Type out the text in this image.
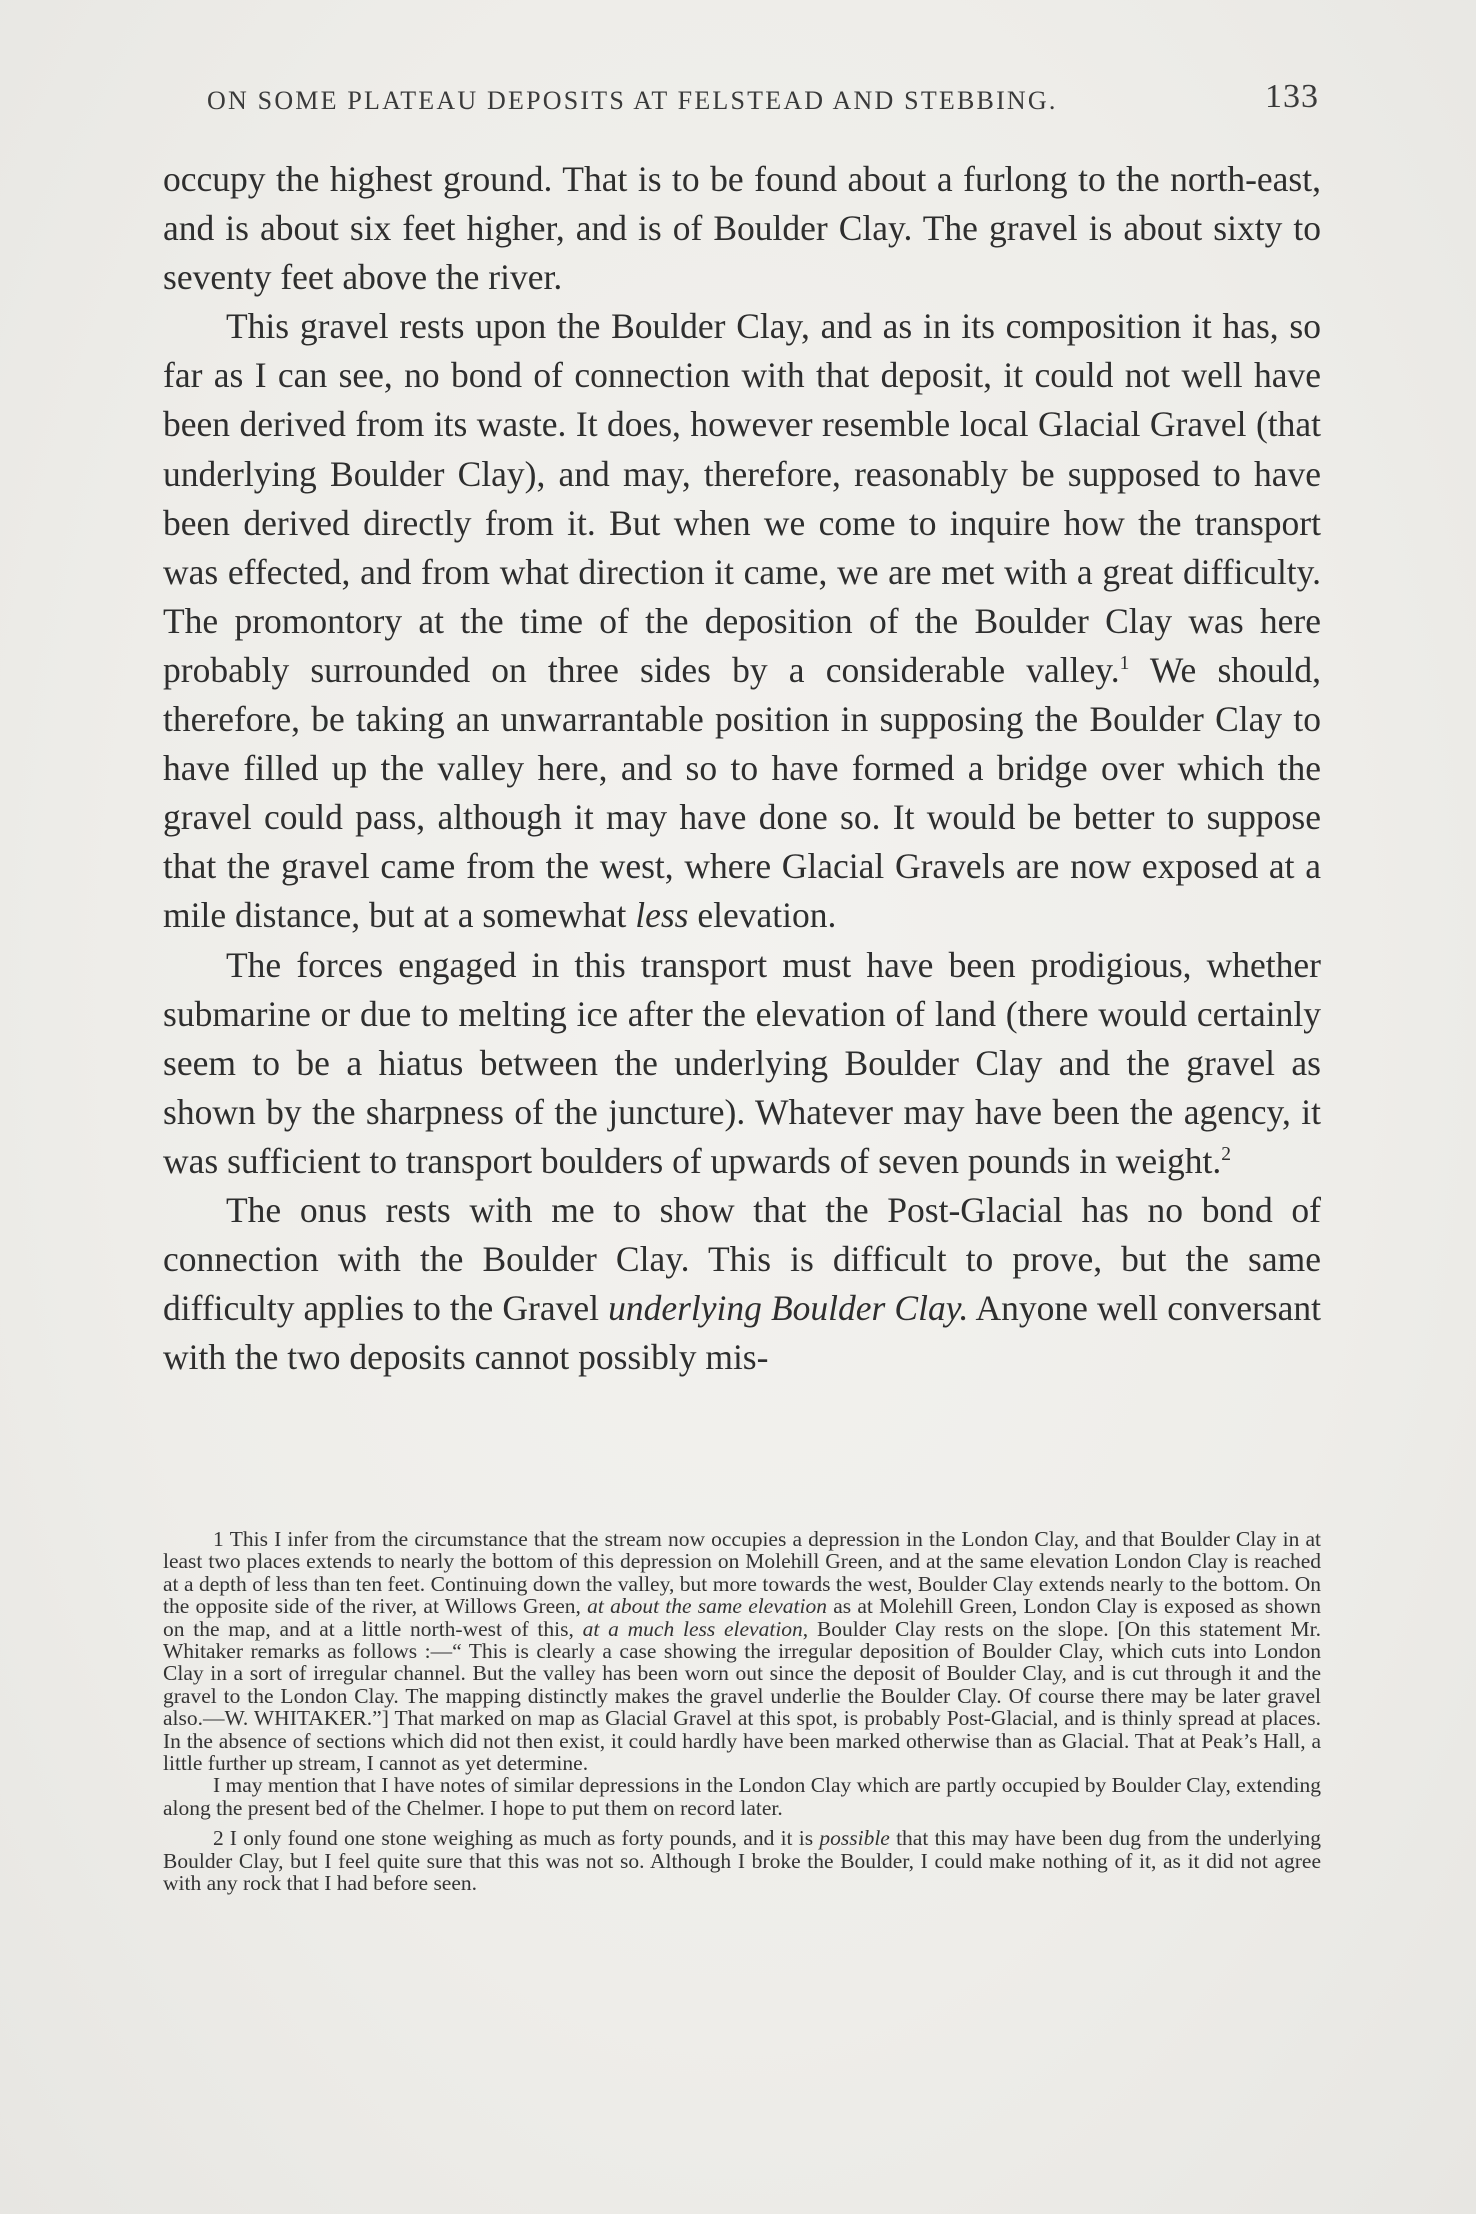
ON SOME PLATEAU DEPOSITS AT FELSTEAD AND STEBBING.	133

occupy the highest ground. That is to be found about a furlong to the north-east, and is about six feet higher, and is of Boulder Clay. The gravel is about sixty to seventy feet above the river.

This gravel rests upon the Boulder Clay, and as in its composition it has, so far as I can see, no bond of connection with that deposit, it could not well have been derived from its waste. It does, however resemble local Glacial Gravel (that underlying Boulder Clay), and may, therefore, reasonably be supposed to have been derived directly from it. But when we come to inquire how the transport was effected, and from what direction it came, we are met with a great difficulty. The promontory at the time of the deposition of the Boulder Clay was here probably surrounded on three sides by a considerable valley.$^1$ We should, therefore, be taking an unwarrantable position in supposing the Boulder Clay to have filled up the valley here, and so to have formed a bridge over which the gravel could pass, although it may have done so. It would be better to suppose that the gravel came from the west, where Glacial Gravels are now exposed at a mile distance, but at a somewhat less elevation.

The forces engaged in this transport must have been prodigious, whether submarine or due to melting ice after the elevation of land (there would certainly seem to be a hiatus between the underlying Boulder Clay and the gravel as shown by the sharpness of the juncture). Whatever may have been the agency, it was sufficient to transport boulders of upwards of seven pounds in weight.$^2$

The onus rests with me to show that the Post-Glacial has no bond of connection with the Boulder Clay. This is difficult to prove, but the same difficulty applies to the Gravel underlying Boulder Clay. Anyone well conversant with the two deposits cannot possibly mis-

1 This I infer from the circumstance that the stream now occupies a depression in the London Clay, and that Boulder Clay in at least two places extends to nearly the bottom of this depression on Molehill Green, and at the same elevation London Clay is reached at a depth of less than ten feet. Continuing down the valley, but more towards the west, Boulder Clay extends nearly to the bottom. On the opposite side of the river, at Willows Green, at about the same elevation as at Molehill Green, London Clay is exposed as shown on the map, and at a little north-west of this, at a much less elevation, Boulder Clay rests on the slope. [On this statement Mr. Whitaker remarks as follows :—“ This is clearly a case showing the irregular deposition of Boulder Clay, which cuts into London Clay in a sort of irregular channel. But the valley has been worn out since the deposit of Boulder Clay, and is cut through it and the gravel to the London Clay. The mapping distinctly makes the gravel underlie the Boulder Clay. Of course there may be later gravel also.—W. WHITAKER.”] That marked on map as Glacial Gravel at this spot, is probably Post-Glacial, and is thinly spread at places. In the absence of sections which did not then exist, it could hardly have been marked otherwise than as Glacial. That at Peak’s Hall, a little further up stream, I cannot as yet determine.

I may mention that I have notes of similar depressions in the London Clay which are partly occupied by Boulder Clay, extending along the present bed of the Chelmer. I hope to put them on record later.

2 I only found one stone weighing as much as forty pounds, and it is possible that this may have been dug from the underlying Boulder Clay, but I feel quite sure that this was not so. Although I broke the Boulder, I could make nothing of it, as it did not agree with any rock that I had before seen.
